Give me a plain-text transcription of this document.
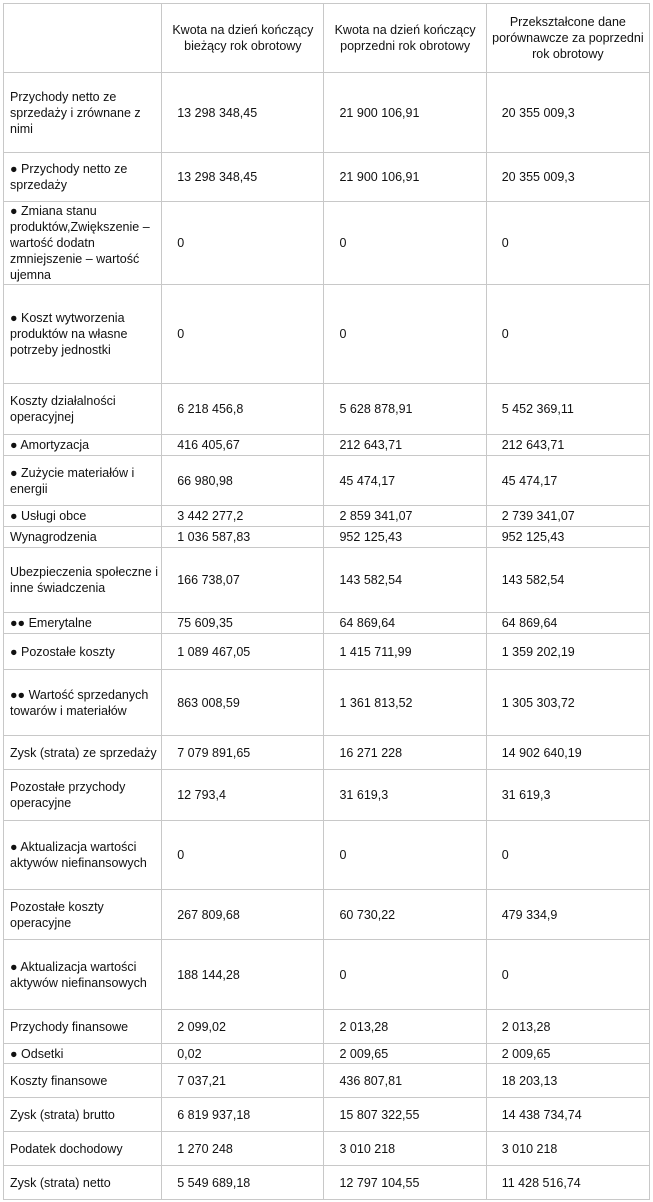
	Kwota na dzień kończący bieżący rok obrotowy	Kwota na dzień kończący poprzedni rok obrotowy	Przekształcone dane porównawcze za poprzedni rok obrotowy
Przychody netto ze sprzedaży i zrównane z nimi	13 298 348,45	21 900 106,91	20 355 009,3
● Przychody netto ze sprzedaży	13 298 348,45	21 900 106,91	20 355 009,3
● Zmiana stanu produktów,Zwiększenie – wartość dodatn zmniejszenie – wartość ujemna	0	0	0
● Koszt wytworzenia produktów na własne potrzeby jednostki	0	0	0
Koszty działalności operacyjnej	6 218 456,8	5 628 878,91	5 452 369,11
● Amortyzacja	416 405,67	212 643,71	212 643,71
● Zużycie materiałów i energii	66 980,98	45 474,17	45 474,17
● Usługi obce	3 442 277,2	2 859 341,07	2 739 341,07
Wynagrodzenia	1 036 587,83	952 125,43	952 125,43
Ubezpieczenia społeczne i inne świadczenia	166 738,07	143 582,54	143 582,54
●● Emerytalne	75 609,35	64 869,64	64 869,64
● Pozostałe koszty	1 089 467,05	1 415 711,99	1 359 202,19
●● Wartość sprzedanych towarów i materiałów	863 008,59	1 361 813,52	1 305 303,72
Zysk (strata) ze sprzedaży	7 079 891,65	16 271 228	14 902 640,19
Pozostałe przychody operacyjne	12 793,4	31 619,3	31 619,3
● Aktualizacja wartości aktywów niefinansowych	0	0	0
Pozostałe koszty operacyjne	267 809,68	60 730,22	479 334,9
● Aktualizacja wartości aktywów niefinansowych	188 144,28	0	0
Przychody finansowe	2 099,02	2 013,28	2 013,28
● Odsetki	0,02	2 009,65	2 009,65
Koszty finansowe	7 037,21	436 807,81	18 203,13
Zysk (strata) brutto	6 819 937,18	15 807 322,55	14 438 734,74
Podatek dochodowy	1 270 248	3 010 218	3 010 218
Zysk (strata) netto	5 549 689,18	12 797 104,55	11 428 516,74
